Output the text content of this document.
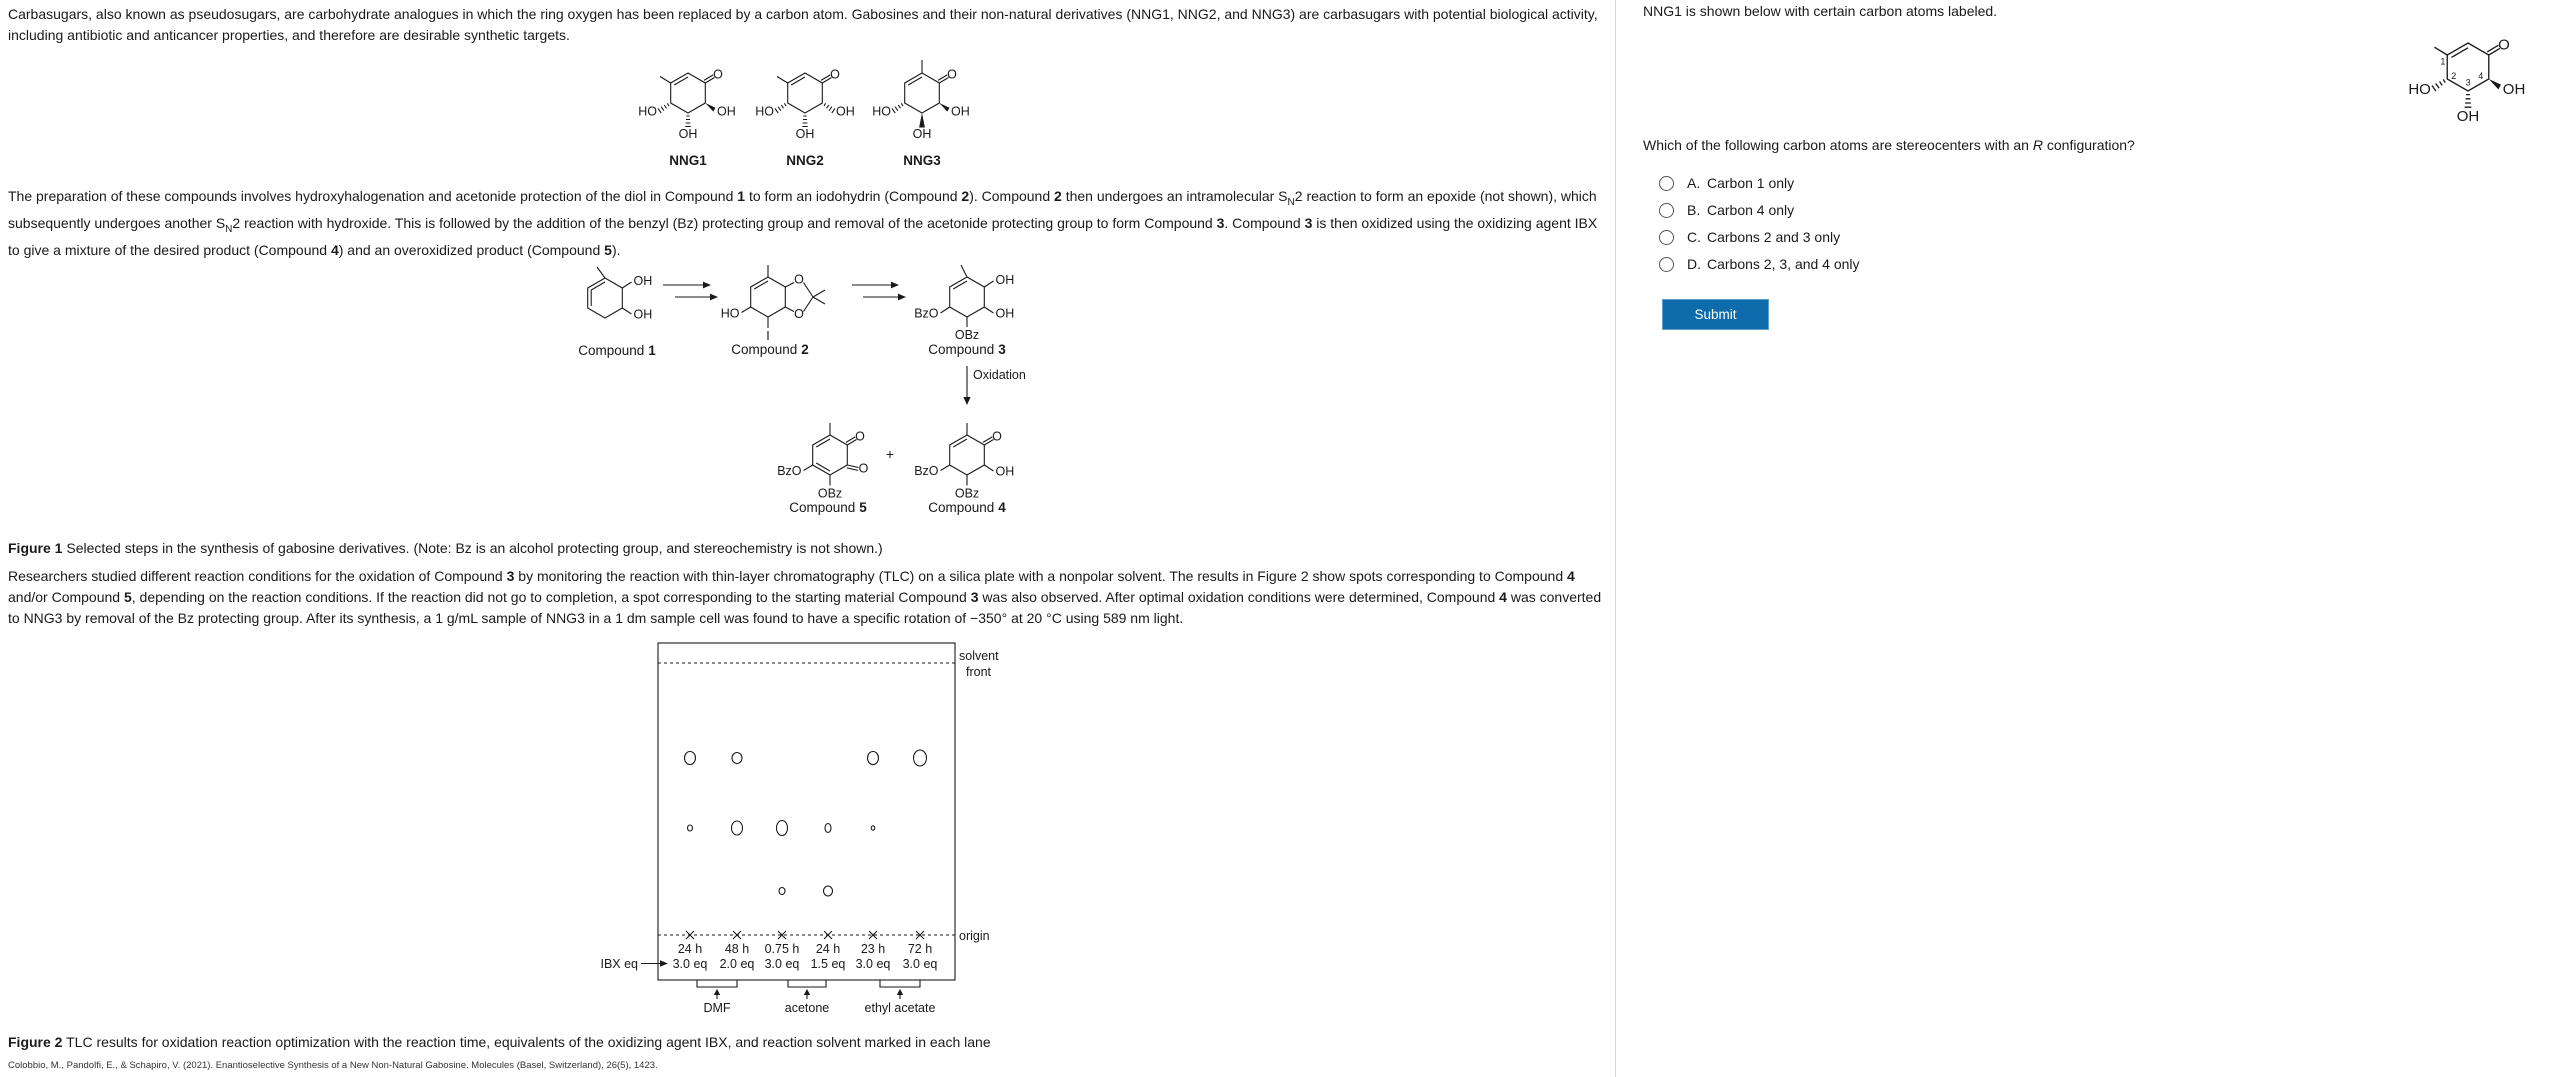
Carbasugars, also known as pseudosugars, are carbohydrate analogues in which the ring oxygen has been replaced by a carbon atom. Gabosines and their non-natural derivatives (NNG1, NNG2, and NNG3) are carbasugars with potential biological activity, including antibiotic and anticancer properties, and therefore are desirable synthetic targets.
O
OH
OH
HO
NNG1
O
OH
OH
HO
NNG2
O
OH
OH
HO
NNG3
The preparation of these compounds involves hydroxyhalogenation and acetonide protection of the diol in Compound 1 to form an iodohydrin (Compound 2). Compound 2 then undergoes an intramolecular $S_N2$ reaction to form an epoxide (not shown), which subsequently undergoes another $S_N2$ reaction with hydroxide. This is followed by the addition of the benzyl (Bz) protecting group and removal of the acetonide protecting group to form Compound 3. Compound 3 is then oxidized using the oxidizing agent IBX to give a mixture of the desired product (Compound 4) and an overoxidized product (Compound 5).
OH
OH
Compound 1
HO
I
O
O
Compound 2
OH
OH
OBz
BzO
Compound 3
Oxidation
O
O
BzO
OBz
Compound 5
+
O
OH
BzO
OBz
Compound 4
Figure 1 Selected steps in the synthesis of gabosine derivatives. (Note: Bz is an alcohol protecting group, and stereochemistry is not shown.)
Researchers studied different reaction conditions for the oxidation of Compound 3 by monitoring the reaction with thin-layer chromatography (TLC) on a silica plate with a nonpolar solvent. The results in Figure 2 show spots corresponding to Compound 4 and/or Compound 5, depending on the reaction conditions. If the reaction did not go to completion, a spot corresponding to the starting material Compound 3 was also observed. After optimal oxidation conditions were determined, Compound 4 was converted to NNG3 by removal of the Bz protecting group. After its synthesis, a 1 g/mL sample of NNG3 in a 1 dm sample cell was found to have a specific rotation of −350° at 20 °C using 589 nm light.
solvent
front
origin
24 h 48 h 0.75 h 24 h 23 h 72 h
3.0 eq 2.0 eq 3.0 eq 1.5 eq 3.0 eq 3.0 eq
IBX eq
DMF	acetone	ethyl acetate
Figure 2 TLC results for oxidation reaction optimization with the reaction time, equivalents of the oxidizing agent IBX, and reaction solvent marked in each lane
Colobbio, M., Pandolfi, E., & Schapiro, V. (2021). Enantioselective Synthesis of a New Non-Natural Gabosine. Molecules (Basel, Switzerland), 26(5), 1423.
NNG1 is shown below with certain carbon atoms labeled.
O
OH
OH
HO
1
2
3
4
Which of the following carbon atoms are stereocenters with an R configuration?
A. Carbon 1 only
B. Carbon 4 only
C. Carbons 2 and 3 only
D. Carbons 2, 3, and 4 only
Submit
